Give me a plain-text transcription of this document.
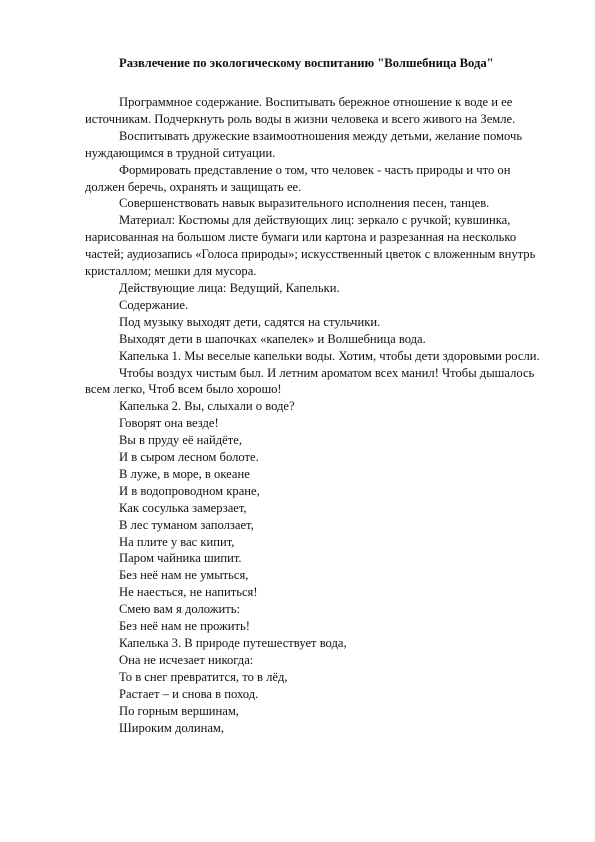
Развлечение по экологическому воспитанию "Волшебница Вода"

Программное содержание. Воспитывать бережное отношение к воде и ее источникам. Подчеркнуть роль воды в жизни человека и всего живого на Земле.

Воспитывать дружеские взаимоотношения между детьми, желание помочь нуждающимся в трудной ситуации.

Формировать представление о том, что человек - часть природы и что он должен беречь, охранять и защищать ее.

Совершенствовать навык выразительного исполнения песен, танцев.

Материал: Костюмы для действующих лиц: зеркало с ручкой; кувшинка, нарисованная на большом листе бумаги или картона и разрезанная на несколько частей; аудиозапись «Голоса природы»; искусственный цветок с вложенным внутрь кристаллом; мешки для мусора.

Действующие лица: Ведущий, Капельки.

Содержание.

Под музыку выходят дети, садятся на стульчики.

Выходят дети в шапочках «капелек» и Волшебница вода.

Капелька 1. Мы веселые капельки воды. Хотим, чтобы дети здоровыми росли.

Чтобы воздух чистым был. И летним ароматом всех манил! Чтобы дышалось всем легко, Чтоб всем было хорошо!

Капелька 2. Вы, слыхали о воде?

Говорят она везде!

Вы в пруду её найдёте,

И в сыром лесном болоте.

В луже, в море, в океане

И в водопроводном кране,

Как сосулька замерзает,

В лес туманом заползает,

На плите у вас кипит,

Паром чайника шипит.

Без неё нам не умыться,

Не наесться, не напиться!

Смею вам я доложить:

Без неё нам не прожить!

Капелька 3. В природе путешествует вода,

Она не исчезает никогда:

То в снег превратится, то в лёд,

Растает – и снова в поход.

По горным вершинам,

Широким долинам,
